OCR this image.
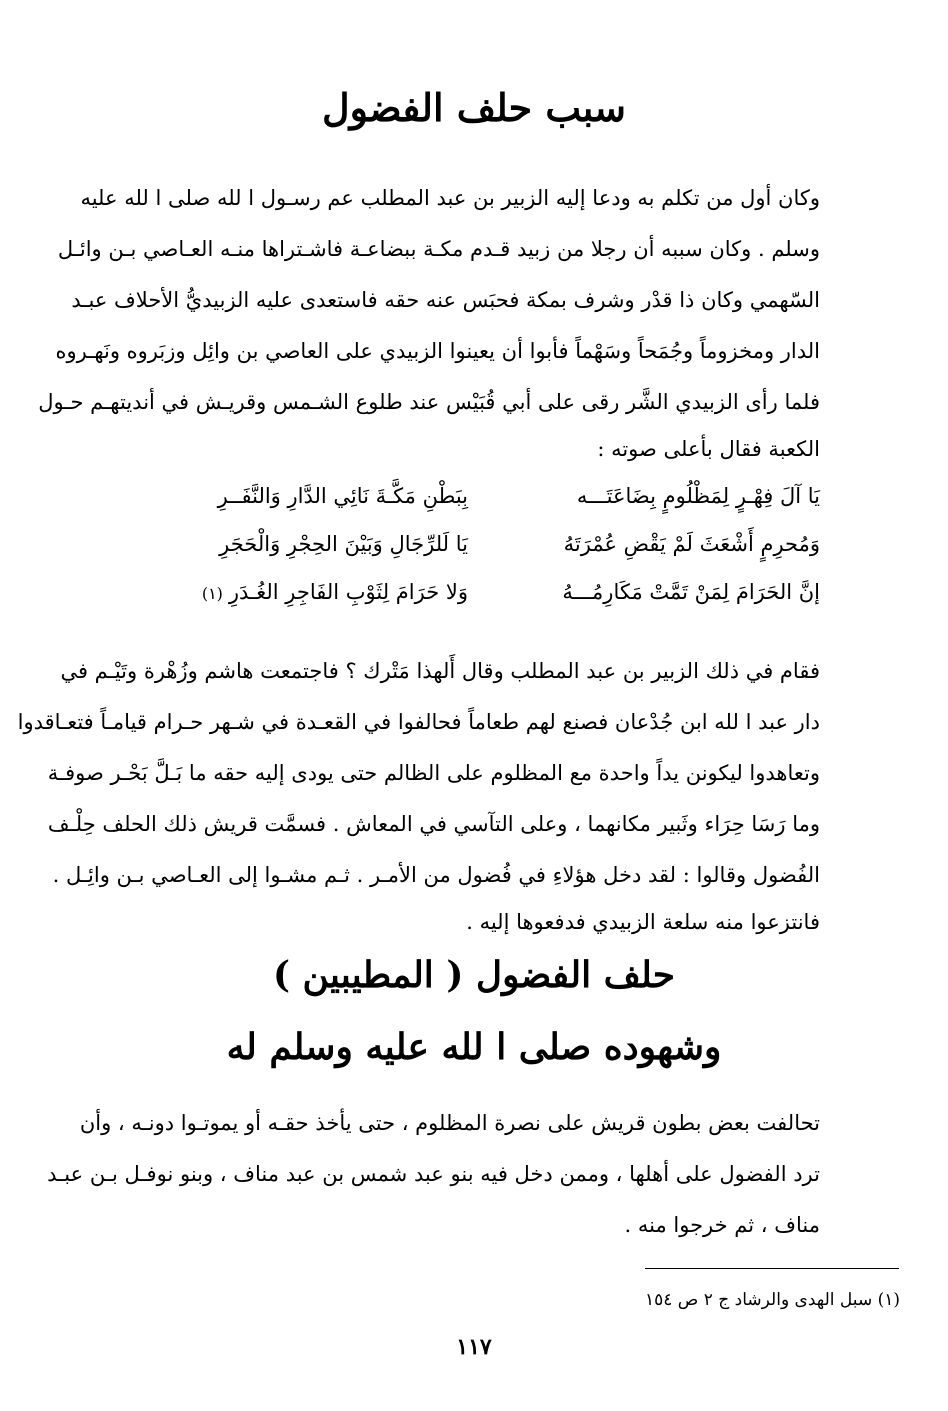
سبب حلف الفضول
وكان أول من تكلم به ودعا إليه الزبير بن عبد المطلب عم رسـول ا لله صلى ا لله عليه
وسلم . وكان سببه أن رجلا من زبيد قـدم مكـة ببضاعـة فاشـتراها منـه العـاصي بـن وائـل
السّهمي وكان ذا قدْر وشرف بمكة فحبَس عنه حقه فاستعدى عليه الزبيديُّ الأحلاف عبـد
الدار ومخزوماً وجُمَحاً وسَهْماً فأبوا أن يعينوا الزبيدي على العاصي بن وائِل وزبَروه ونَهـروه
فلما رأى الزبيدي الشَّر رقى على أبي قُبَيْس عند طلوع الشـمس وقريـش في أنديتهـم حـول
الكعبة فقال بأعلى صوته :
يَا آلَ فِهْـرٍ لِمَظْلُومٍ بِضَاعَتَـــه
بِبَطْنِ مَكَّـةَ نَائِي الدَّارِ وَالنَّفَــرِ
وَمُحرِمٍ أَشْعَثَ لَمْ يَقْضِ عُمْرَتَهُ
يَا لَلرِّجَالِ وَبَيْنَ الحِجْرِ وَالْحَجَرِ
إنَّ الحَرَامَ لِمَنْ تَمَّتْ مَكَارِمُـــهُ
وَلا حَرَامَ لِثَوْبِ الفَاجِرِ الغُـدَرِ(١)
فقام في ذلك الزبير بن عبد المطلب وقال أَلهذا مَتْرك ؟ فاجتمعت هاشم وزُهْرة وتَيْـم في
دار عبد ا لله ابن جُدْعان فصنع لهم طعاماً فحالفوا في القعـدة في شـهر حـرام قيامـاً فتعـاقدوا
وتعاهدوا ليكونن يداً واحدة مع المظلوم على الظالم حتى يودى إليه حقه ما بَـلَّ بَحْـر صوفـة
وما رَسَا حِرَاء وثَبير مكانهما ، وعلى التآسي في المعاش . فسمَّت قريش ذلك الحلف حِلْـف
الفُضول وقالوا : لقد دخل هؤلاءِ في فُضول من الأمـر . ثـم مشـوا إلى العـاصي بـن وائِـل .
فانتزعوا منه سلعة الزبيدي فدفعوها إليه .
حلف الفضول ( المطيبين )
وشهوده صلى ا لله عليه وسلم له
تحالفت بعض بطون قريش على نصرة المظلوم ، حتى يأخذ حقـه أو يموتـوا دونـه ، وأن
ترد الفضول على أهلها ، وممن دخل فيه بنو عبد شمس بن عبد مناف ، وبنو نوفـل بـن عبـد
مناف ، ثم خرجوا منه .
(١) سبل الهدى والرشاد ج ٢ ص ١٥٤
١١٧
